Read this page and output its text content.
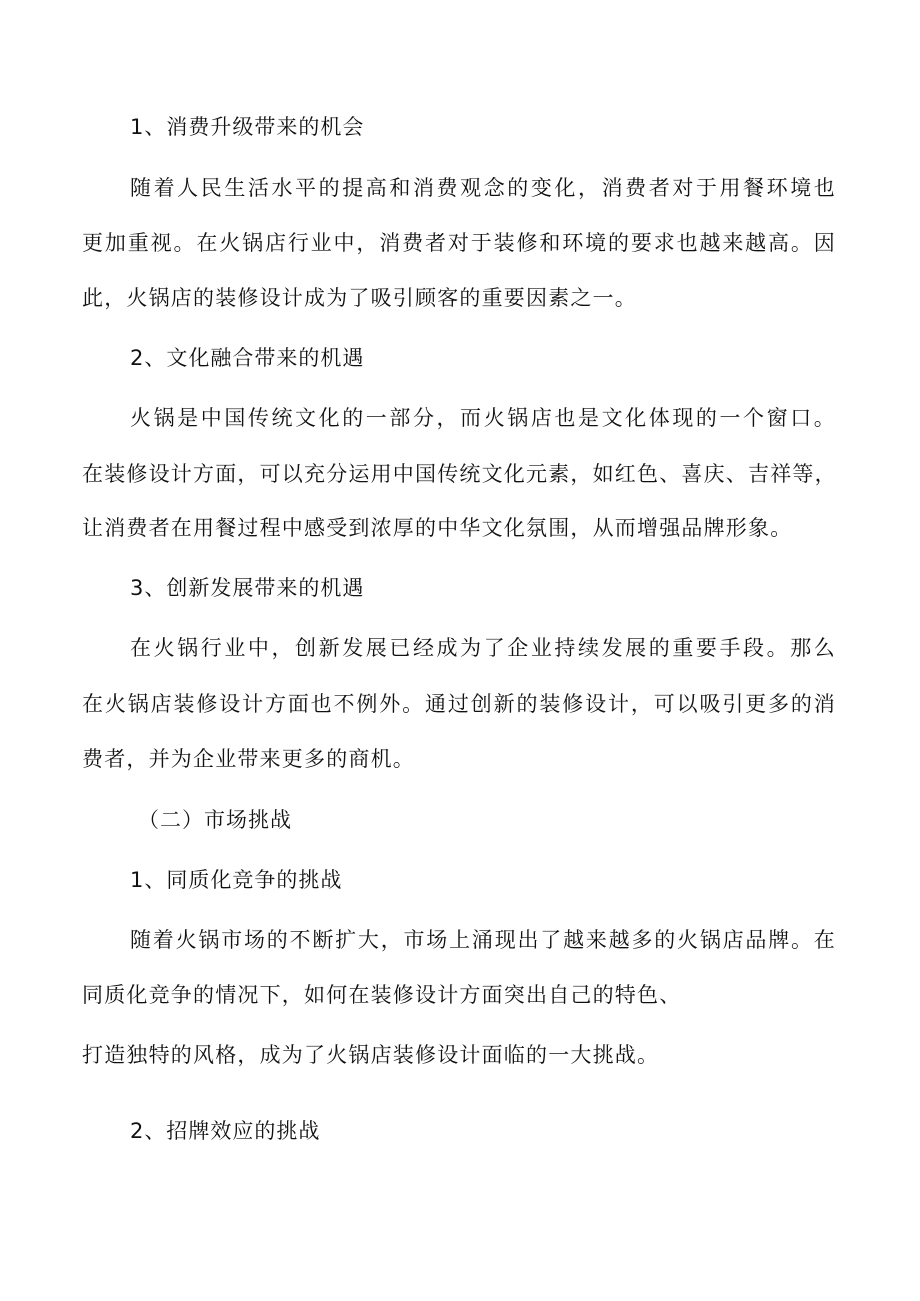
1、消费升级带来的机会
随着人民生活水平的提高和消费观念的变化，消费者对于用餐环境也
更加重视。在火锅店行业中，消费者对于装修和环境的要求也越来越高。因
此，火锅店的装修设计成为了吸引顾客的重要因素之一。
2、文化融合带来的机遇
火锅是中国传统文化的一部分，而火锅店也是文化体现的一个窗口。
在装修设计方面，可以充分运用中国传统文化元素，如红色、喜庆、吉祥等，
让消费者在用餐过程中感受到浓厚的中华文化氛围，从而增强品牌形象。
3、创新发展带来的机遇
在火锅行业中，创新发展已经成为了企业持续发展的重要手段。那么
在火锅店装修设计方面也不例外。通过创新的装修设计，可以吸引更多的消
费者，并为企业带来更多的商机。
（二）市场挑战
1、同质化竞争的挑战
随着火锅市场的不断扩大，市场上涌现出了越来越多的火锅店品牌。在
同质化竞争的情况下，如何在装修设计方面突出自己的特色、
打造独特的风格，成为了火锅店装修设计面临的一大挑战。
2、招牌效应的挑战
